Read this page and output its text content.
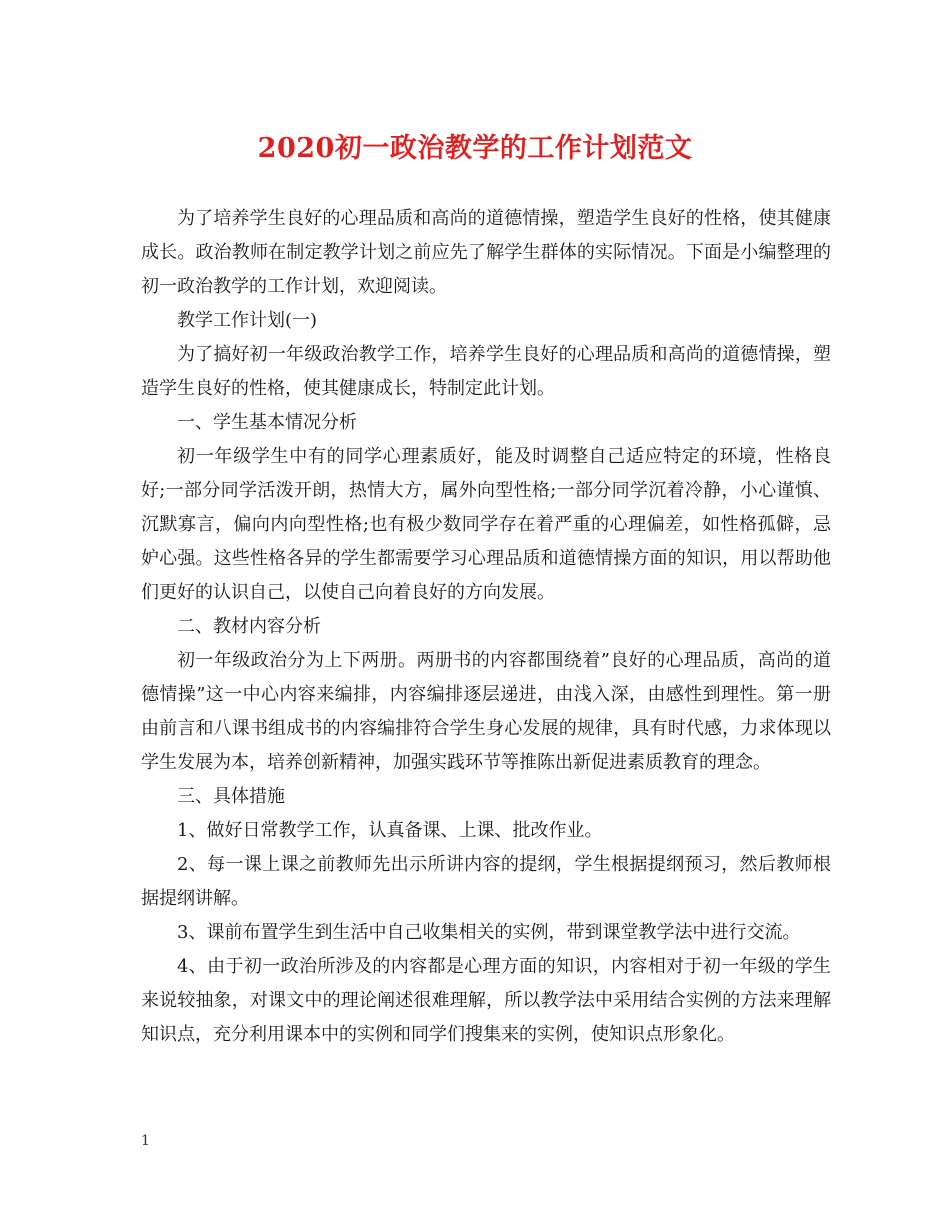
2020初一政治教学的工作计划范文

为了培养学生良好的心理品质和高尚的道德情操，塑造学生良好的性格，使其健康成长。政治教师在制定教学计划之前应先了解学生群体的实际情况。下面是小编整理的初一政治教学的工作计划，欢迎阅读。

教学工作计划(一)

为了搞好初一年级政治教学工作，培养学生良好的心理品质和高尚的道德情操，塑造学生良好的性格，使其健康成长，特制定此计划。

一、学生基本情况分析

初一年级学生中有的同学心理素质好，能及时调整自己适应特定的环境，性格良好;一部分同学活泼开朗，热情大方，属外向型性格;一部分同学沉着冷静，小心谨慎、沉默寡言，偏向内向型性格;也有极少数同学存在着严重的心理偏差，如性格孤僻，忌妒心强。这些性格各异的学生都需要学习心理品质和道德情操方面的知识，用以帮助他们更好的认识自己，以使自己向着良好的方向发展。

二、教材内容分析

初一年级政治分为上下两册。两册书的内容都围绕着”良好的心理品质，高尚的道德情操”这一中心内容来编排，内容编排逐层递进，由浅入深，由感性到理性。第一册由前言和八课书组成书的内容编排符合学生身心发展的规律，具有时代感，力求体现以学生发展为本，培养创新精神，加强实践环节等推陈出新促进素质教育的理念。

三、具体措施

1、做好日常教学工作，认真备课、上课、批改作业。

2、每一课上课之前教师先出示所讲内容的提纲，学生根据提纲预习，然后教师根据提纲讲解。

3、课前布置学生到生活中自己收集相关的实例，带到课堂教学法中进行交流。

4、由于初一政治所涉及的内容都是心理方面的知识，内容相对于初一年级的学生来说较抽象，对课文中的理论阐述很难理解，所以教学法中采用结合实例的方法来理解知识点，充分利用课本中的实例和同学们搜集来的实例，使知识点形象化。

1
